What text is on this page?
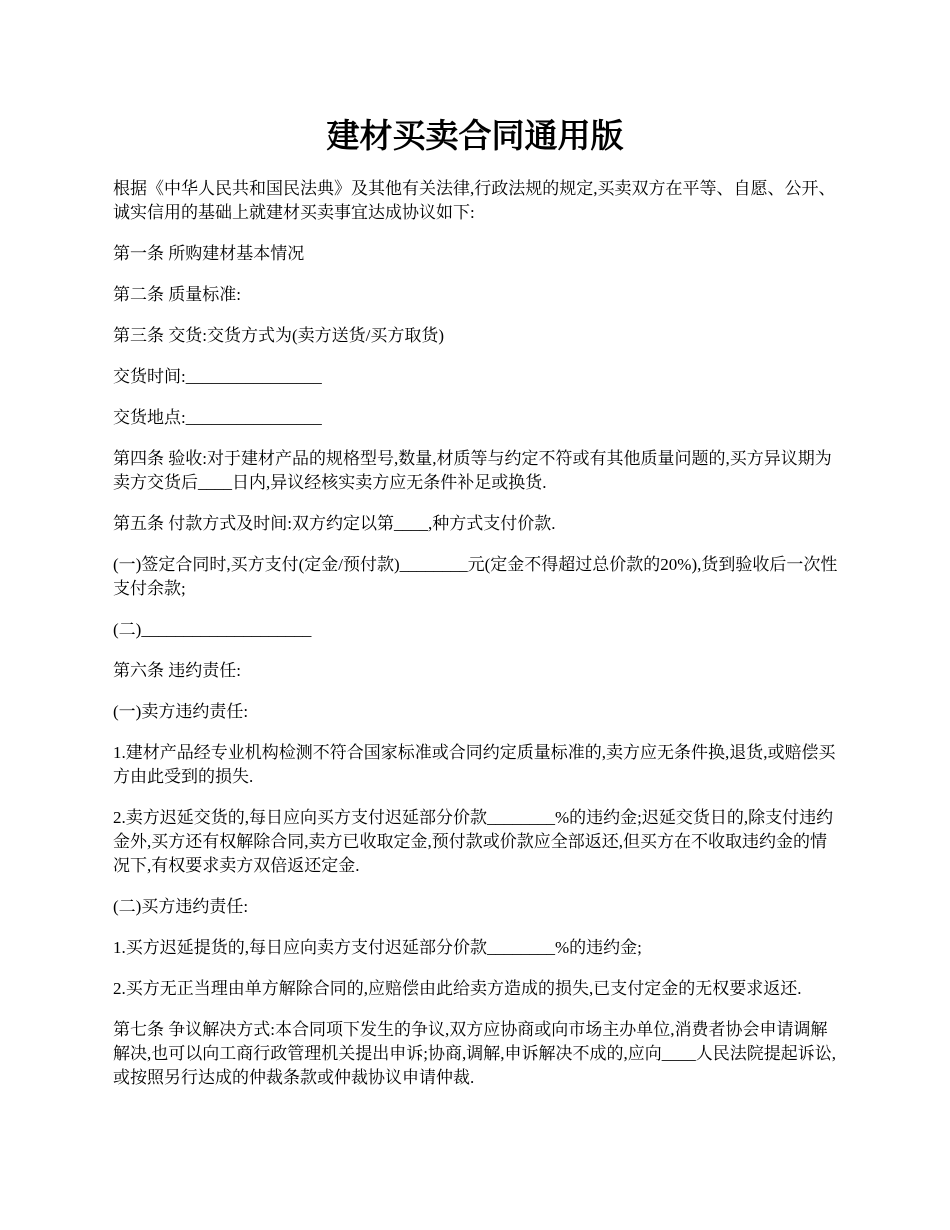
建材买卖合同通用版

根据《中华人民共和国民法典》及其他有关法律,行政法规的规定,买卖双方在平等、自愿、公开、诚实信用的基础上就建材买卖事宜达成协议如下:

第一条 所购建材基本情况

第二条 质量标准:

第三条 交货:交货方式为(卖方送货/买方取货)

交货时间:________________

交货地点:________________

第四条 验收:对于建材产品的规格型号,数量,材质等与约定不符或有其他质量问题的,买方异议期为卖方交货后____日内,异议经核实卖方应无条件补足或换货.

第五条 付款方式及时间:双方约定以第____,种方式支付价款.

(一)签定合同时,买方支付(定金/预付款)________元(定金不得超过总价款的20%),货到验收后一次性支付余款;

(二)____________________

第六条 违约责任:

(一)卖方违约责任:

1.建材产品经专业机构检测不符合国家标准或合同约定质量标准的,卖方应无条件换,退货,或赔偿买方由此受到的损失.

2.卖方迟延交货的,每日应向买方支付迟延部分价款________%的违约金;迟延交货日的,除支付违约金外,买方还有权解除合同,卖方已收取定金,预付款或价款应全部返还,但买方在不收取违约金的情况下,有权要求卖方双倍返还定金.

(二)买方违约责任:

1.买方迟延提货的,每日应向卖方支付迟延部分价款________%的违约金;

2.买方无正当理由单方解除合同的,应赔偿由此给卖方造成的损失,已支付定金的无权要求返还.

第七条 争议解决方式:本合同项下发生的争议,双方应协商或向市场主办单位,消费者协会申请调解解决,也可以向工商行政管理机关提出申诉;协商,调解,申诉解决不成的,应向____人民法院提起诉讼,或按照另行达成的仲裁条款或仲裁协议申请仲裁.
